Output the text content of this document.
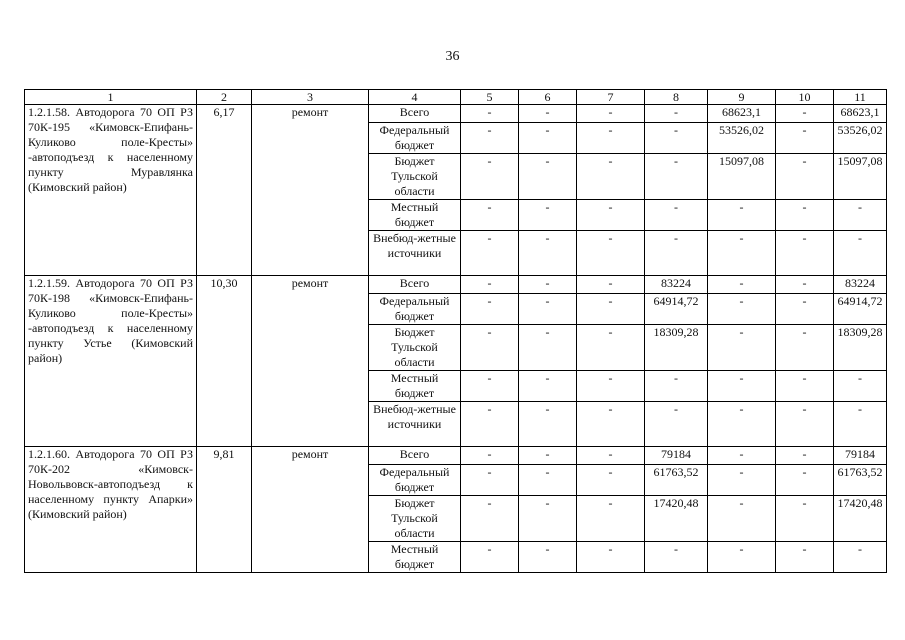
36
1	2	3	4	5	6	7	8	9	10	11
1.2.1.58. Автодорога 70 ОП РЗ 70К-195 «Кимовск-Епифань-Куликово поле-Кресты» -автоподъезд к населенному пункту Муравлянка (Кимовский район)	6,17	ремонт	Всего	-	-	-	-	68623,1	-	68623,1
			Федеральный бюджет	-	-	-	-	53526,02	-	53526,02
			Бюджет Тульской области	-	-	-	-	15097,08	-	15097,08
			Местный бюджет	-	-	-	-	-	-	-
			Внебюд-жетные источники	-	-	-	-	-	-	-
1.2.1.59. Автодорога 70 ОП РЗ 70К-198 «Кимовск-Епифань-Куликово поле-Кресты» -автоподъезд к населенному пункту Устье (Кимовский район)	10,30	ремонт	Всего	-	-	-	83224	-	-	83224
			Федеральный бюджет	-	-	-	64914,72	-	-	64914,72
			Бюджет Тульской области	-	-	-	18309,28	-	-	18309,28
			Местный бюджет	-	-	-	-	-	-	-
			Внебюд-жетные источники	-	-	-	-	-	-	-
1.2.1.60. Автодорога 70 ОП РЗ 70К-202 «Кимовск-Новольвовск-автоподъезд к населенному пункту Апарки» (Кимовский район)	9,81	ремонт	Всего	-	-	-	79184	-	-	79184
			Федеральный бюджет	-	-	-	61763,52	-	-	61763,52
			Бюджет Тульской области	-	-	-	17420,48	-	-	17420,48
			Местный бюджет	-	-	-	-	-	-	-
